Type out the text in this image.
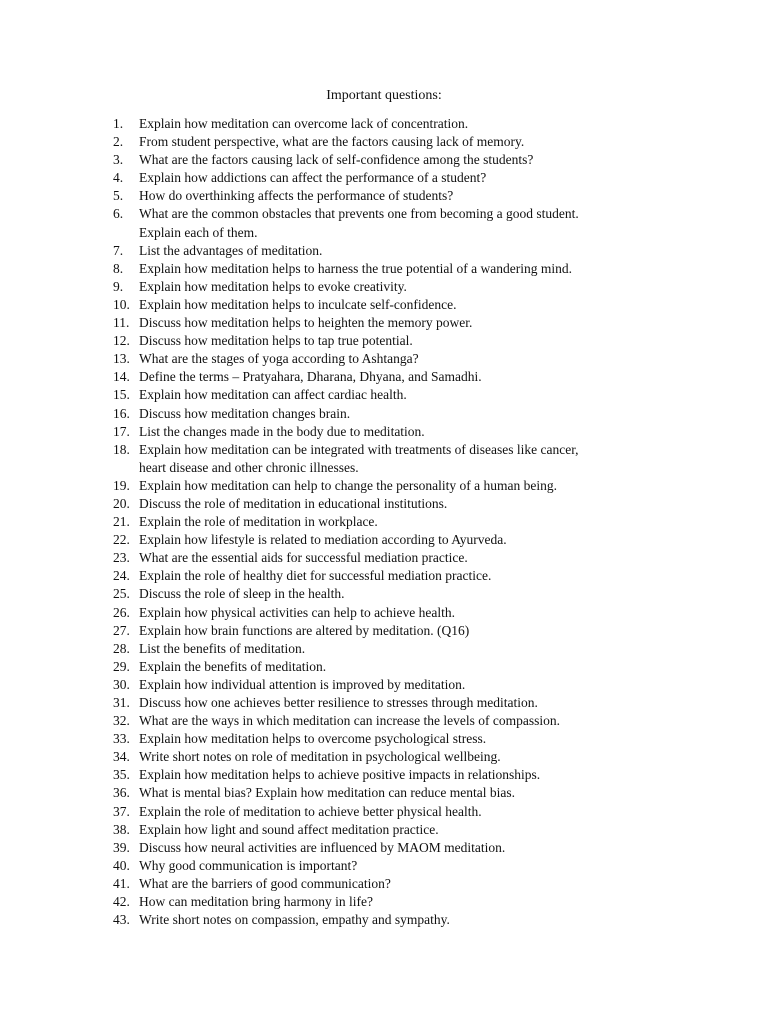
Important questions:
1.	Explain how meditation can overcome lack of concentration.
2.	From student perspective, what are the factors causing lack of memory.
3.	What are the factors causing lack of self-confidence among the students?
4.	Explain how addictions can affect the performance of a student?
5.	How do overthinking affects the performance of students?
6.	What are the common obstacles that prevents one from becoming a good student.
Explain each of them.
7.	List the advantages of meditation.
8.	Explain how meditation helps to harness the true potential of a wandering mind.
9.	Explain how meditation helps to evoke creativity.
10. Explain how meditation helps to inculcate self-confidence.
11. Discuss how meditation helps to heighten the memory power.
12. Discuss how meditation helps to tap true potential.
13. What are the stages of yoga according to Ashtanga?
14. Define the terms – Pratyahara, Dharana, Dhyana, and Samadhi.
15. Explain how meditation can affect cardiac health.
16. Discuss how meditation changes brain.
17. List the changes made in the body due to meditation.
18. Explain how meditation can be integrated with treatments of diseases like cancer,
heart disease and other chronic illnesses.
19. Explain how meditation can help to change the personality of a human being.
20. Discuss the role of meditation in educational institutions.
21. Explain the role of meditation in workplace.
22. Explain how lifestyle is related to mediation according to Ayurveda.
23. What are the essential aids for successful mediation practice.
24. Explain the role of healthy diet for successful mediation practice.
25. Discuss the role of sleep in the health.
26. Explain how physical activities can help to achieve health.
27. Explain how brain functions are altered by meditation. (Q16)
28. List the benefits of meditation.
29. Explain the benefits of meditation.
30. Explain how individual attention is improved by meditation.
31. Discuss how one achieves better resilience to stresses through meditation.
32. What are the ways in which meditation can increase the levels of compassion.
33. Explain how meditation helps to overcome psychological stress.
34. Write short notes on role of meditation in psychological wellbeing.
35. Explain how meditation helps to achieve positive impacts in relationships.
36. What is mental bias? Explain how meditation can reduce mental bias.
37. Explain the role of meditation to achieve better physical health.
38. Explain how light and sound affect meditation practice.
39. Discuss how neural activities are influenced by MAOM meditation.
40. Why good communication is important?
41. What are the barriers of good communication?
42. How can meditation bring harmony in life?
43. Write short notes on compassion, empathy and sympathy.
